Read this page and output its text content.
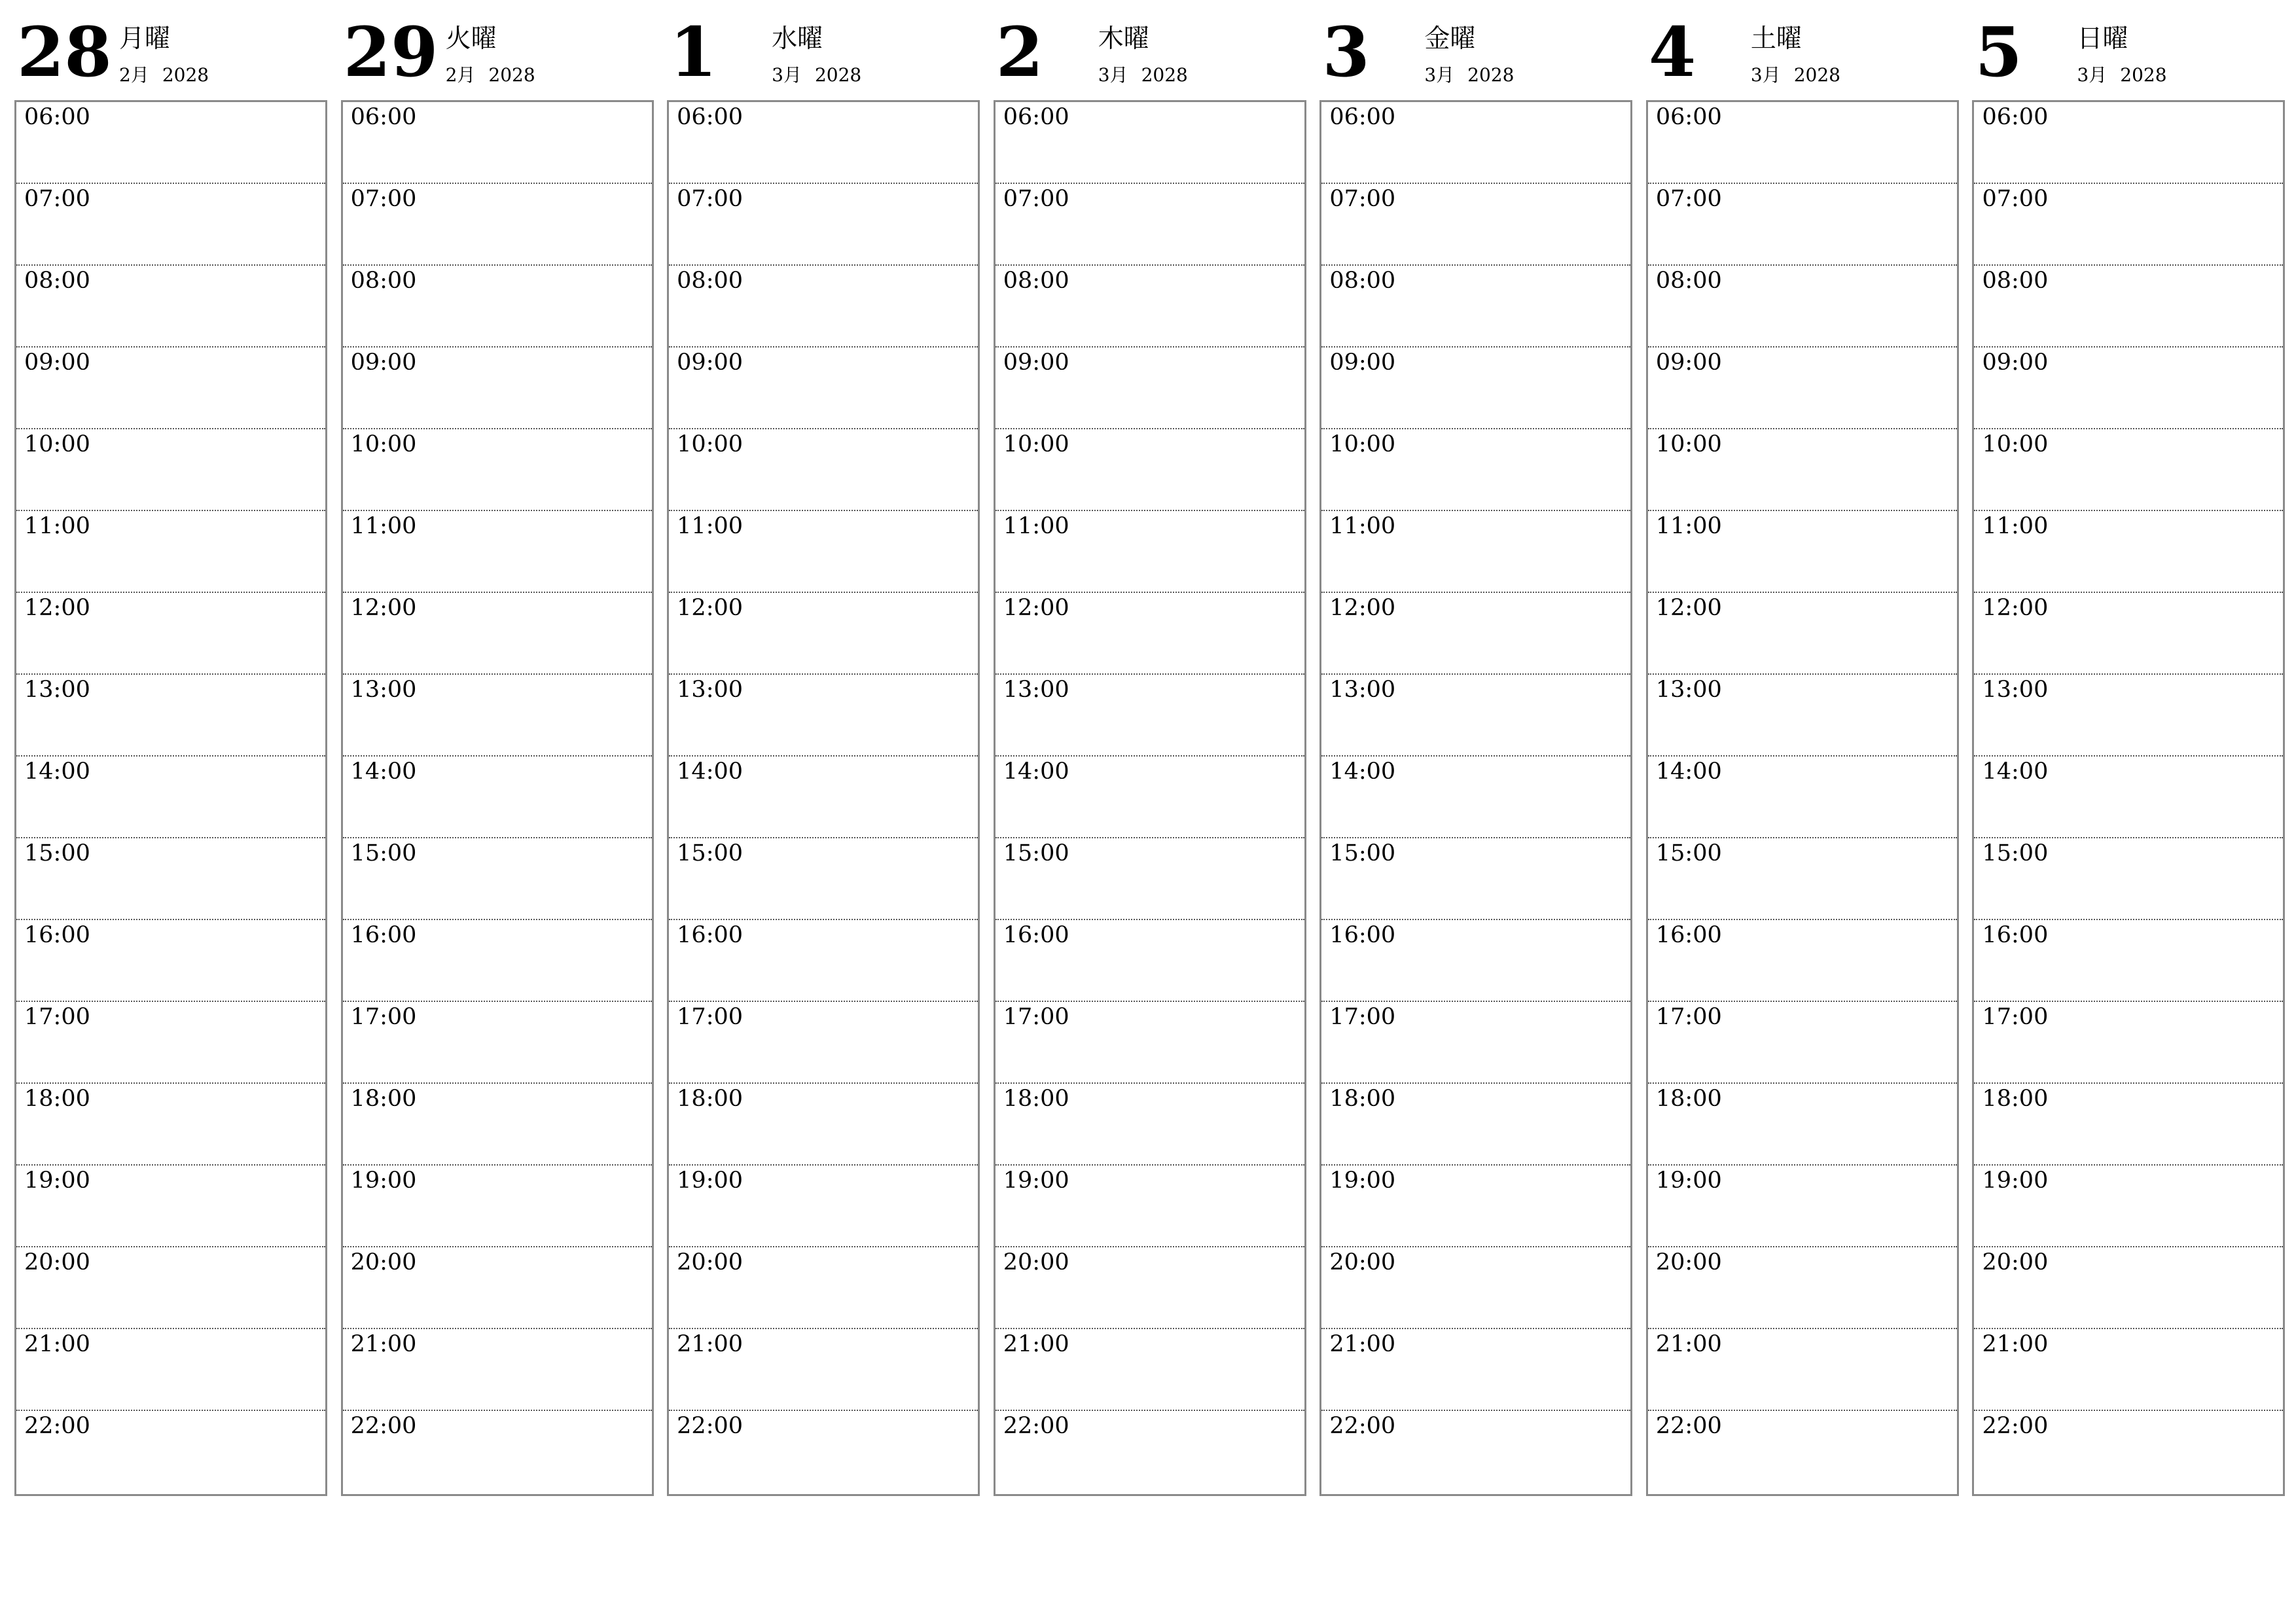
28 月曜
2月 2028
06:00
07:00
08:00
09:00
10:00
11:00
12:00
13:00
14:00
15:00
16:00
17:00
18:00
19:00
20:00
21:00
22:00
29 火曜
2月 2028
06:00
07:00
08:00
09:00
10:00
11:00
12:00
13:00
14:00
15:00
16:00
17:00
18:00
19:00
20:00
21:00
22:00
1 水曜
3月 2028
06:00
07:00
08:00
09:00
10:00
11:00
12:00
13:00
14:00
15:00
16:00
17:00
18:00
19:00
20:00
21:00
22:00
2 木曜
3月 2028
06:00
07:00
08:00
09:00
10:00
11:00
12:00
13:00
14:00
15:00
16:00
17:00
18:00
19:00
20:00
21:00
22:00
3 金曜
3月 2028
06:00
07:00
08:00
09:00
10:00
11:00
12:00
13:00
14:00
15:00
16:00
17:00
18:00
19:00
20:00
21:00
22:00
4 土曜
3月 2028
06:00
07:00
08:00
09:00
10:00
11:00
12:00
13:00
14:00
15:00
16:00
17:00
18:00
19:00
20:00
21:00
22:00
5 日曜
3月 2028
06:00
07:00
08:00
09:00
10:00
11:00
12:00
13:00
14:00
15:00
16:00
17:00
18:00
19:00
20:00
21:00
22:00
